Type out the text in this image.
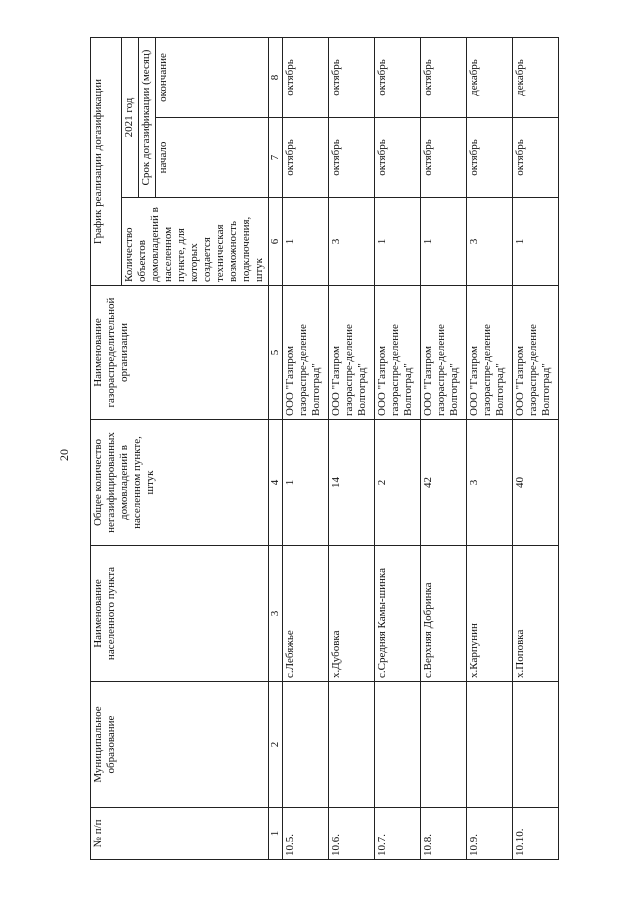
20
№ п/п	Муниципальное образование	Наименование населенного пункта	Общее количество негазифицированных домовладений в населенном пункте, штук	Наименование газораспределительной организации	График реализации догазификации		
					Количество объектов домовладений в населенном пункте, для которых создается техническая возможность подключения, штук	2021 год	
						Срок догазификации (месяц)	
						начало	окончание
1	2	3	4	5	6	7	8
10.5.		с.Лебяжье	1	ООО "Газпром газораспре-деление Волгоград"	1	октябрь	октябрь
10.6.		х.Дубовка	14	ООО "Газпром газораспре-деление Волгоград"	3	октябрь	октябрь
10.7.		с.Средняя Камы-шинка	2	ООО "Газпром газораспре-деление Волгоград"	1	октябрь	октябрь
10.8.		с.Верхняя Добринка	42	ООО "Газпром газораспре-деление Волгоград"	1	октябрь	октябрь
10.9.		х.Карпунин	3	ООО "Газпром газораспре-деление Волгоград"	3	октябрь	декабрь
10.10.		х.Поповка	40	ООО "Газпром газораспре-деление Волгоград"	1	октябрь	декабрь
